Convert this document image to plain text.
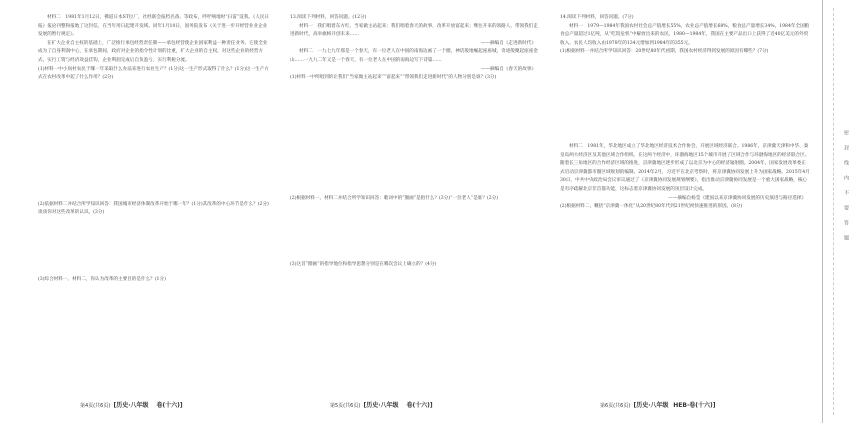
材料二　1981年1月12日，佛道日本ST位厂，社经联会报档名备、等政布，呼吁响地时“扫雷”设我。《人民日报》报论刊整和报地了这封信，在当年用日起建开发域。同年1月10日，国务院发布《关于进一步开经营业业企业发展的暂行规定》。

在扩大企业自主权的基础上，广泛推行承包经营责任制——承包经营使企业国家利益一种责任业务。它使全业成为了自身利润中心，在承包期间，政府对企业的指令性计划的比重，扩大企业的自主权，对这些企业的经营方式，实行工资与经济效益挂钩，企业利润完成后自负盈亏，实行利税分流。

(1)材料一中小岗村农民于哪一年采取什么办法来进行农业生产？(1分)这一生产形式取得了什么？(1分)这一生产方式在农村改革中起了什么作用？(2分)

(2)依据材料二并结合所学知识回答：我国城市经济体制改革开始于哪一年？(1分)其改革的中心环节是什么？(2分)谈谈你对这些改革的认识。(3分)

(3)综合材料一、材料二，你认为改革的主要目的是什么？(1分)

13.阅读下列材料，回答问题。(12分)

材料一　我们唱着东方红，当家做主站起来；我们唱着春天的故事，改革开放富起来；继往开来的领路人，带领我们走进新时代，高举旗帜开创未来……

——摘编自《走进新时代》

材料二　一九七九年那是一个春天，有一位老人在中国的南海边画了一个圈，神话般地崛起座座城，奇迹般聚起座座金山……一九九二年又是一个春天，有一位老人在中国的南海边写下诗篇……

——摘编自《春天的故事》

(1)材料一中所唱到的让我们“当家做主站起来”“富起来”“带领我们走进新时代”的人物分别是谁？(3分)

(2)根据材料一、材料二并结合所学知识回答：歌词中的“圈画”是指什么？(3分)“一位老人”是谁？(2分)

(3)这首“圈画”的指导地位和指导思想分别是在哪次会议上确立的？(4分)

14.阅读下列材料，回答问题。(7分)

材料一　1979—1984年我国农村社会总产值增长55%，农业总产值增长68%，粮食总产量增长34%，1984年全国粮食总产量超过1亿吨，从“吃饭危机”中解放出来的农民，1980—1984年，我国在主要产品出口上获得了近40亿美元的外贸收入，农民人均收入由1978年的134元增加到1984年的355元。

(1)根据材料一并结合所学知识回答：20世纪80年代初期，我国农村经济得到发展的原因有哪些？(7分)

材料二　1981年，华北地区成立了华北地区经济技术合作协会，开展区域经济联合。1986年，京津冀天津和中华、秦皇岛两大经济区及其他区域合作组织。在这两个经济中，环渤海地区15个城市开展了区域合作与环渤海地区的经济联合区。随着长三角地区的合作经济区域的推进，京津冀地区逐步形成了以北京为中心的经济辐射圈。2004年，国家发展改革委正式启动京津冀都市圈区域规划的编制。2014年2月，习近平在北京考察时，将京津冀协同发展上升为国家战略。2015年4月30日，中共中央政治局会议审议通过了《京津冀协同发展规划纲要》，指出推动京津冀协同发展是一个重大国家战略，核心是有序疏解北京非首都功能，这标志着京津冀协同发展的顶层设计完成。

——摘编自杨莹《建国以来京津冀协同发展的历史演进与路径选择》

(2)根据材料二，概括“京津冀一体化”从20世纪80年代到21世纪初快速推进的原因。(8分)

第4页(共6页) [历史·八年级 卷(十六)]	第5页(共6页) [历史·八年级 卷(十六)]	第6页(共6页) [历史·八年级 HEB·卷(十六)]
密封线内不要答题
